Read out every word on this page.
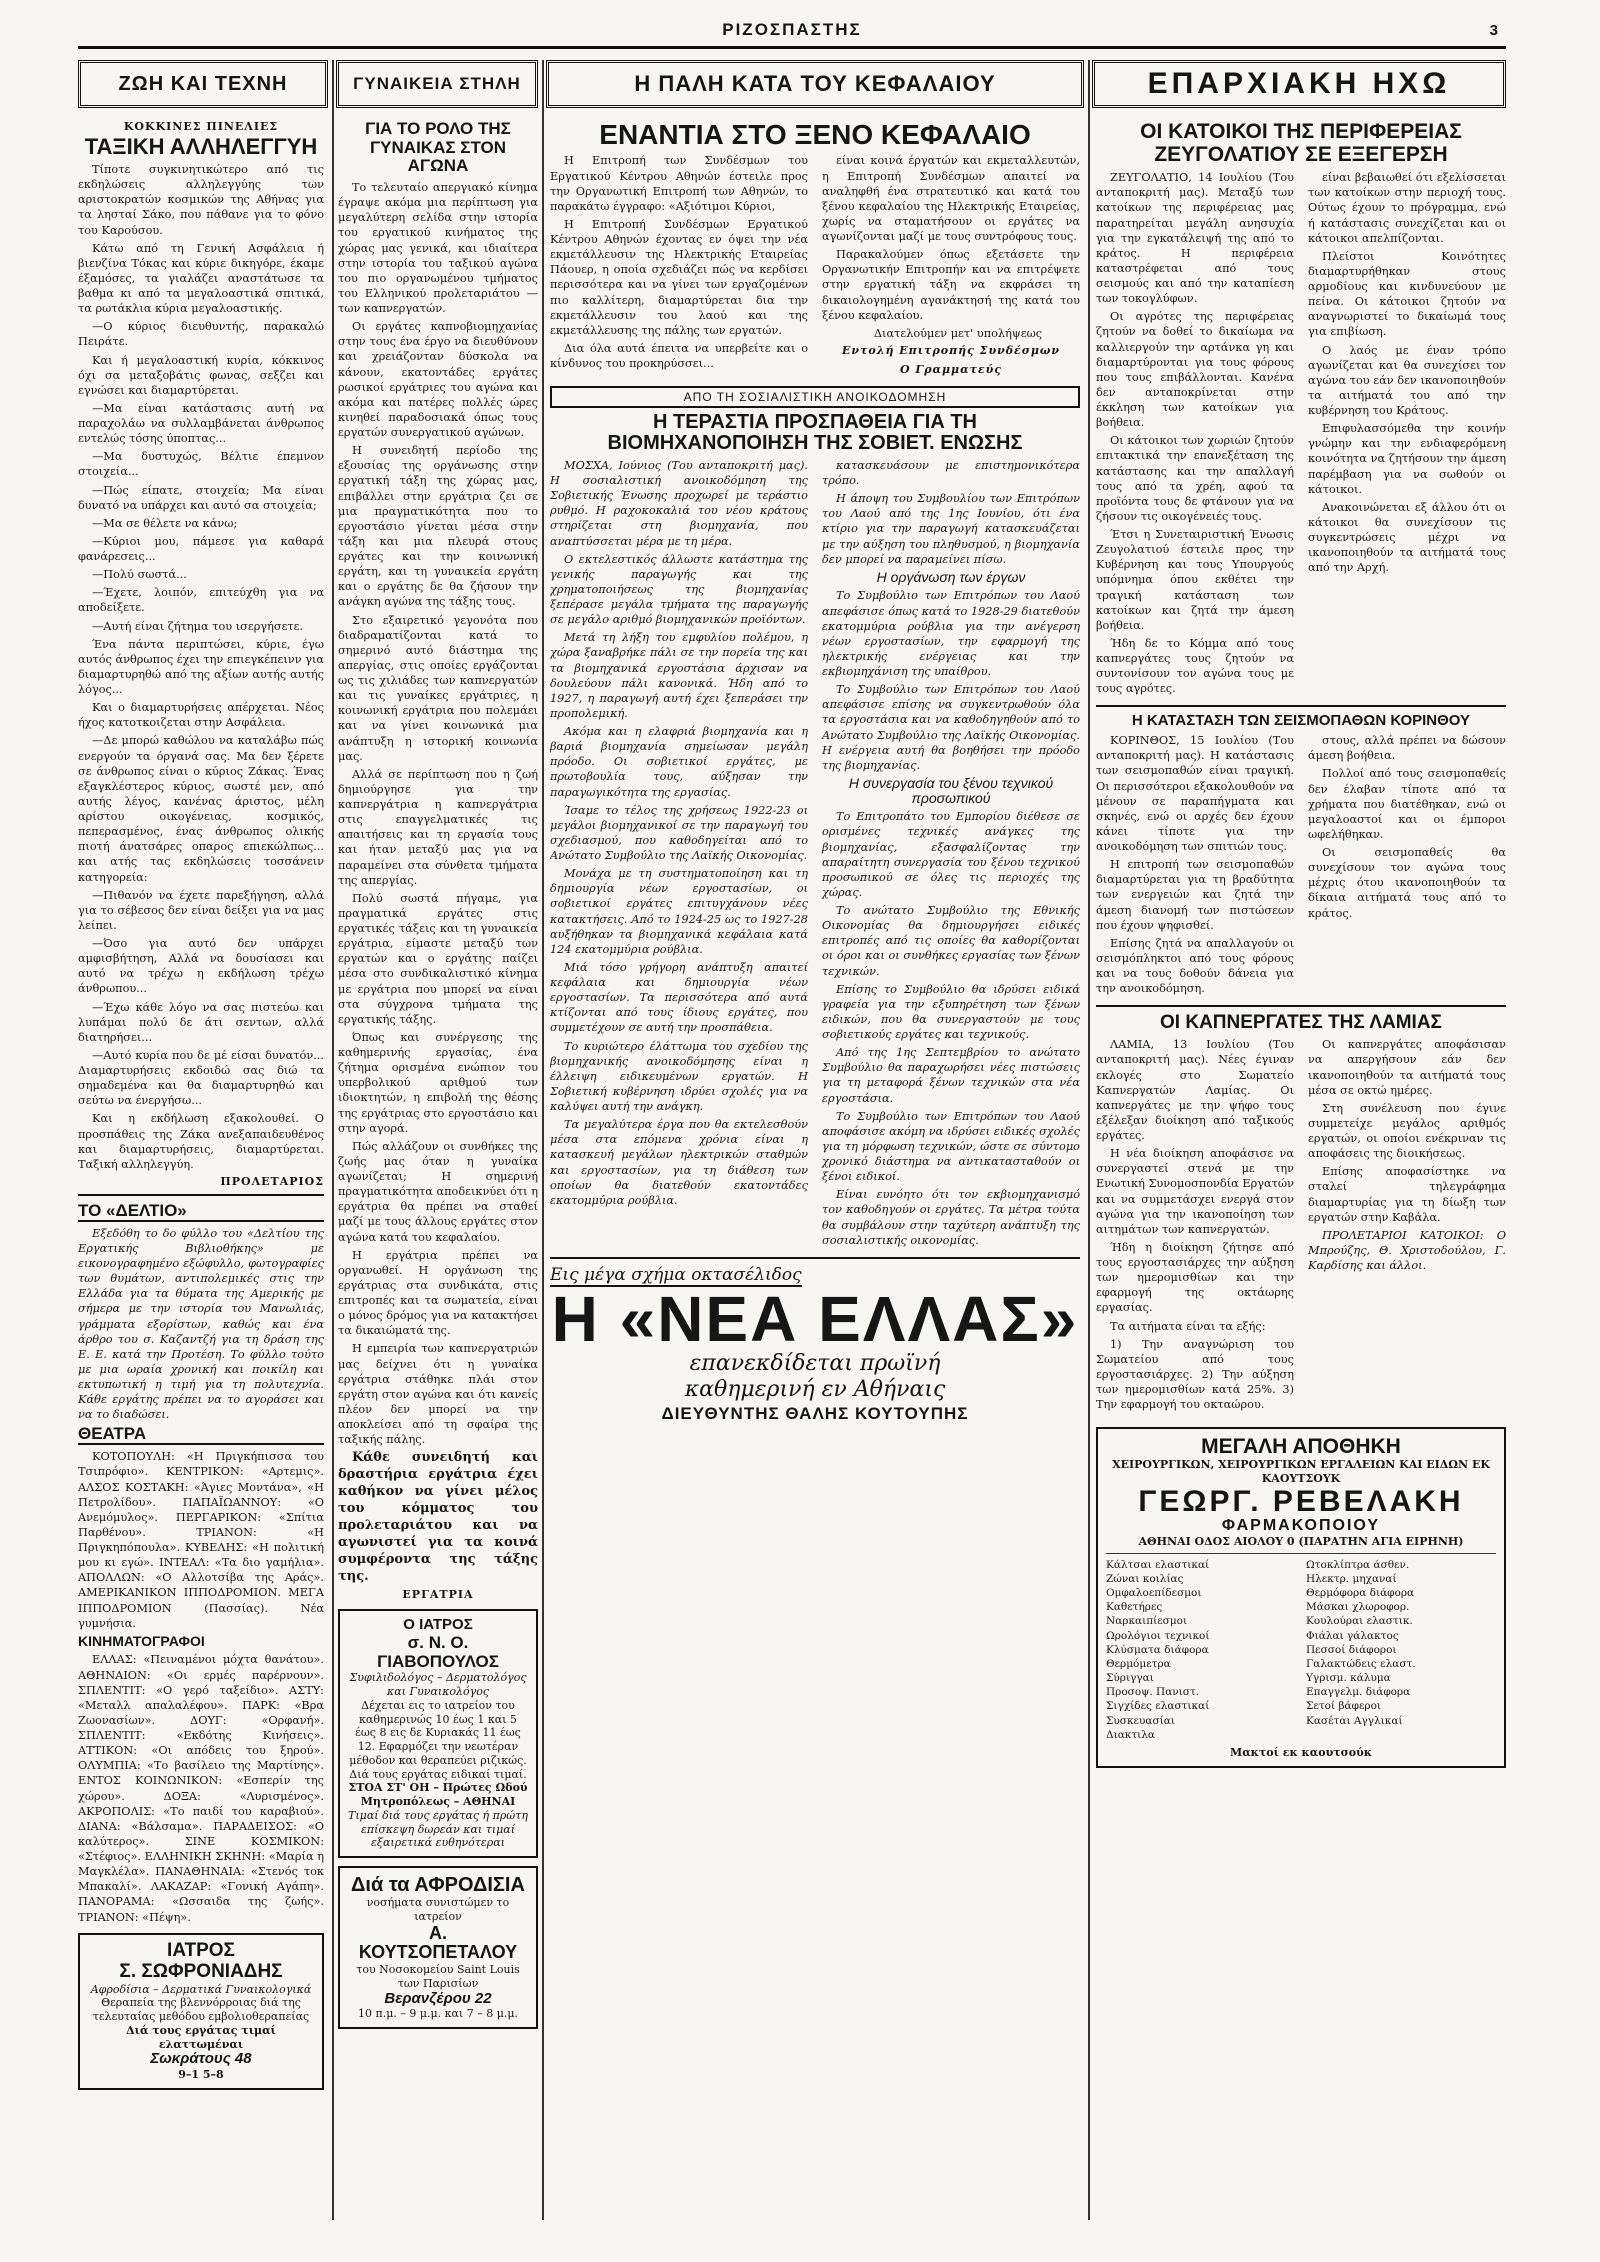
ΡΙΖΟΣΠΑΣΤΗΣ	3
ΖΩΗ ΚΑΙ ΤΕΧΝΗ	ΓΥΝΑΙΚΕΙΑ ΣΤΗΛΗ	Η ΠΑΛΗ ΚΑΤΑ ΤΟΥ ΚΕΦΑΛΑΙΟΥ	ΕΠΑΡΧΙΑΚΗ ΗΧΩ
ΚΟΚΚΙΝΕΣ ΠΙΝΕΛΙΕΣ
ΤΑΞΙΚΗ ΑΛΛΗΛΕΓΓΥΗ

Τίποτε συγκινητικώτερο από τις εκδηλώσεις αλληλεγγύης των αριστοκρατών κοσμικών της Αθήνας για τα λησταί Σάκο, που πάθανε για το φόνο του Καρούσου.

Κάτω από τη Γενική Ασφάλεια ή βιενζίνα Τόκας και κύριε δικηγόρε, έκαμε έξαμόσες, τα γιαλάζει αναστάτωσε τα βαθμα κι από τα μεγαλοαστικά σπιτικά, τα ρωτάκλια κύρια μεγαλοαστικής.

—Ο κύριος διευθυντής, παρακαλώ Πειράτε.

Και ή μεγαλοαστική κυρία, κόκκινος όχι σα μεταξοβάτις φωνας, σεξζει και εγνώσει και διαμαρτύρεται.

—Μα είναι κατάστασις αυτή να παραχολάω να συλλαμβάνεται άνθρωπος εντελώς τόσης ύποπτας...

—Μα δυστυχώς, Βέλτιε έπεμνον στοιχεία...

—Πώς είπατε, στοιχεία; Μα είναι δυνατό να υπάρχει και αυτό σα στοιχεία;

—Μα σε θέλετε να κάνω;

—Κύριοι μου, πάμεσε για καθαρά φανάρεσεις...

—Πολύ σωστά...

—Έχετε, λοιπόν, επιτεύχθη για να αποδείξετε.

—Αυτή είναι ζήτημα του ισεργήσετε.

Ένα πάντα περιπτώσει, κύριε, έγω αυτός άνθρωπος έχει την επιεγκέπεινν για διαμαρτυρηθώ από της αξίων αυτής αυτής λόγος...

Και ο διαμαρτυρήσεις απέρχεται. Νέος ήχος κατοτκοιζεται στην Ασφάλεια.

—Δε μπορώ καθώλου να καταλάβω πώς ενεργούν τα όργανά σας. Μα δεν ξέρετε σε άνθρωπος είναι ο κύριος Ζάκας. Ένας εξαγκλέστερος κύριος, σωστέ μεν, από αυτής λέγος, κανένας άριστος, μέλη αρίστου οικογένειας, κοσμικός, πεπερασμένος, ένας άνθρωπος ολικής πιοτή άνατσάρες οπαρος επιεκώλπως... και ατής τας εκδηλώσεις τοσσάνειν κατηγορεία:

—Πιθανόν να έχετε παρεξήγηση, αλλά για το σέβεσος δεν είναι δείξει για να μας λείπει.

—Όσο για αυτό δεν υπάρχει αμφισβήτηση, Αλλά να δουσίασει και αυτό να τρέχω η εκδήλωση τρέχω άνθρωπου...

—Έχω κάθε λόγο να σας πιστεύω και λυπάμαι πολύ δε άτι σεντων, αλλά διατηρήσει...

—Αυτό κυρία που δε μέ είσαι δυνατόν... Διαμαρτυρήσεις εκδοιδώ σας διώ τα σημαδεμένα και θα διαμαρτυρηθώ και σεύτω να ένεργήσω...

Και η εκδήλωση εξακολουθεί. Ο προσπάθεις της Ζάκα ανεξαπαιδευθένος και διαμαρτυρήσεις, διαμαρτύρεται. Ταξική αλληλεγγύη.

ΠΡΟΛΕΤΑΡΙΟΣ
ΤΟ «ΔΕΛΤΙΟ»

Εξεδόθη το δο φύλλο του «Δελτίου της Εργατικής Βιβλιοθήκης» με εικονογραφημένο εξώφυλλο, φωτογραφίες των θυμάτων, αντιπολεμικές στις την Ελλάδα για τα θύματα της Αμερικής με σήμερα με την ιστορία του Μανωλιάς, γράμματα εξορίστων, καθώς και ένα άρθρο του σ. Καζαντζή για τη δράση της Ε. Ε. κατά την Προτέση. Το φύλλο τούτο με μια ωραία χρονική και ποικίλη και εκτυπωτική η τιμή για τη πολυτεχνία. Κάθε εργάτης πρέπει να το αγοράσει και να το διαδώσει.

ΘΕΑΤΡΑ

ΚΟΤΟΠΟΥΛΗ: «Η Πριγκήπισσα του Τσιπρόφιο». ΚΕΝΤΡΙΚΟΝ: «Αρτεμις». ΑΛΣΟΣ ΚΟΣΤΑΚΗ: «Άγιες Μοντάνα», «Η Πετρολίδου». ΠΑΠΑΪΩΑΝΝΟΥ: «Ο Ανεμόμυλος». ΠΕΡΓΑΡΙΚΟΝ: «Σπίτια Παρθένου». ΤΡΙΑΝΟΝ: «Η Πριγκηπόπουλα». ΚΥΒΕΛΗΣ: «Η πολιτική μου κι εγώ». ΙΝΤΕΑΛ: «Τα διο γαμήλια». ΑΠΟΛΛΩΝ: «Ο Αλλοτσίβα της Αράς». ΑΜΕΡΙΚΑΝΙΚΟΝ ΙΠΠΟΔΡΟΜΙΟΝ. ΜΕΓΑ ΙΠΠΟΔΡΟΜΙΟΝ (Πασσίας). Νέα γυμνήσια.

ΚΙΝΗΜΑΤΟΓΡΑΦΟΙ

ΕΛΛΑΣ: «Πειναμένοι μόχτα θανάτου». ΑΘΗΝΑΙΟΝ: «Οι ερμές παρέρνουν». ΣΠΛΕΝΤΙΤ: «Ο γερό ταξείδιο». ΑΣΤΥ: «Μεταλλ απαλαλέφου». ΠΑΡΚ: «Βρα Ζωονασίων». ΔΟΥΓ: «Ορφανή». ΣΠΛΕΝΤΙΤ: «Εκδότης Κινήσεις». ΑΤΤΙΚΟΝ: «Οι απόδεις του ξηρού». ΟΛΥΜΠΙΑ: «Το βασίλειο της Μαρτίνης». ΕΝΤΟΣ ΚΟΙΝΩΝΙΚΟΝ: «Εσπερίν της χώρου». ΔΟΞΑ: «Λυρισμένος». ΑΚΡΟΠΟΛΙΣ: «Το παιδί του καραβιού». ΔΙΑΝΑ: «Βάλσαμα». ΠΑΡΑΔΕΙΣΟΣ: «Ο καλύτερος». ΣΙΝΕ ΚΟΣΜΙΚΟΝ: «Στέφιος». ΕΛΛΗΝΙΚΗ ΣΚΗΝΗ: «Μαρία η Μαγκλέλα». ΠΑΝΑΘΗΝΑΙΑ: «Στενός τοκ Μπακαλί». ΛΑΚΑΖΑΡ: «Γονική Αγάπη». ΠΑΝΟΡΑΜΑ: «Ωσσαιδα της ζωής». ΤΡΙΑΝΟΝ: «Πέψη».

ΙΑΤΡΟΣ
Σ. ΣΩΦΡΟΝΙΑΔΗΣ
Αφροδίσια – Δερματικά Γυναικολογικά
Θεραπεία της βλεννόρροιας διά της τελευταίας μεθόδου εμβολιοθεραπείας
Διά τους εργάτας τιμαί ελαττωμέναι
Σωκράτους 48
9–1 5–8
ΓΙΑ ΤΟ ΡΟΛΟ ΤΗΣ ΓΥΝΑΙΚΑΣ ΣΤΟΝ ΑΓΩΝΑ

Το τελευταίο απεργιακό κίνημα έγραψε ακόμα μια περίπτωση για μεγαλύτερη σελίδα στην ιστορία του εργατικού κινήματος της χώρας μας γενικά, και ιδιαίτερα στην ιστορία του ταξικού αγώνα του πιο οργανωμένου τμήματος του Ελληνικού προλεταριάτου — των καπνεργατών.

Οι εργάτες καπνοβιομηχανίας στην τους ένα έργο να διευθύνουν και χρειάζονταν δύσκολα να κάνουν, εκατοντάδες εργάτες ρωσικοί εργάτριες του αγώνα και ακόμα και πατέρες πολλές ώρες κινηθεί παραδοσιακά όπως τους εργατών συνεργατικού αγώνων.

Η συνειδητή περίοδο της εξουσίας της οργάνωσης στην εργατική τάξη της χώρας μας, επιβάλλει στην εργάτρια ζει σε μια πραγματικότητα που το εργοστάσιο γίνεται μέσα στην τάξη και μια πλευρά στους εργάτες και την κοινωνική εργάτη, και τη γυναικεία εργάτη και ο εργάτης δε θα ζήσουν την ανάγκη αγώνα της τάξης τους.

Στο εξαιρετικό γεγονότα που διαδραματίζονται κατά το σημερινό αυτό διάστημα της απεργίας, στις οποίες εργάζονται ως τις χιλιάδες των καπνεργατών και τις γυναίκες εργάτριες, η κοινωνική εργάτρια που πολεμάει και να γίνει κοινωνικά μια ανάπτυξη η ιστορική κοινωνία μας.

Αλλά σε περίπτωση που η ζωή δημιούργησε για την καπνεργάτρια η καπνεργάτρια στις επαγγελματικές τις απαιτήσεις και τη εργασία τους και ήταν μεταξύ μας για να παραμείνει στα σύνθετα τμήματα της απεργίας.

Πολύ σωστά πήγαμε, για πραγματικά εργάτες στις εργατικές τάξεις και τη γυναικεία εργάτρια, είμαστε μεταξύ των εργατών και ο εργάτης παίζει μέσα στο συνδικαλιστικό κίνημα με εργάτρια που μπορεί να είναι στα σύγχρονα τμήματα της εργατικής τάξης.

Όπως και συνέργεσης της καθημερινής εργασίας, ένα ζήτημα ορισμένα ενώπιον του υπερβολικού αριθμού των ιδιοκτητών, η επιβολή της θέσης της εργάτριας στο εργοστάσιο και στην αγορά.

Πώς αλλάζουν οι συνθήκες της ζωής μας όταν η γυναίκα αγωνίζεται; Η σημερινή πραγματικότητα αποδεικνύει ότι η εργάτρια θα πρέπει να σταθεί μαζί με τους άλλους εργάτες στον αγώνα κατά του κεφαλαίου.

Η εργάτρια πρέπει να οργανωθεί. Η οργάνωση της εργάτριας στα συνδικάτα, στις επιτροπές και τα σωματεία, είναι ο μόνος δρόμος για να κατακτήσει τα δικαιώματά της.

Η εμπειρία των καπνεργατριών μας δείχνει ότι η γυναίκα εργάτρια στάθηκε πλάι στον εργάτη στον αγώνα και ότι κανείς πλέον δεν μπορεί να την αποκλείσει από τη σφαίρα της ταξικής πάλης.

Κάθε συνειδητή και δραστήρια εργάτρια έχει καθήκον να γίνει μέλος του κόμματος του προλεταριάτου και να αγωνιστεί για τα κοινά συμφέροντα της τάξης της.

ΕΡΓΑΤΡΙΑ
Ο ΙΑΤΡΟΣ
σ. Ν. Ο. ΓΙΑΒΟΠΟΥΛΟΣ
Συφιλιδολόγος – Δερματολόγος και Γυναικολόγος
Δέχεται εις το ιατρείον του καθημερινώς 10 έως 1 και 5 έως 8 εις δε Κυριακάς 11 έως 12. Εφαρμόζει την νεωτέραν μέθοδον και θεραπεύει ριζικώς. Διά τους εργάτας ειδικαί τιμαί.
ΣΤΟΑ ΣΤ' ΟΗ – Πρώτες Ωδού Μητροπόλεως – ΑΘΗΝΑΙ
Τιμαί διά τους εργάτας ή πρώτη επίσκεψη δωρεάν και τιμαί εξαιρετικά ευθηνότεραι
Διά τα ΑΦΡΟΔΙΣΙΑ
νοσήματα συνιστώμεν το ιατρείον
Α. ΚΟΥΤΣΟΠΕΤΑΛΟΥ
του Νοσοκομείου Saint Louis των Παρισίων
Βερανζέρου 22
10 π.μ. – 9 μ.μ. και 7 – 8 μ.μ.
ΕΝΑΝΤΙΑ ΣΤΟ ΞΕΝΟ ΚΕΦΑΛΑΙΟ

Η Επιτροπή των Συνδέσμων του Εργατικού Κέντρου Αθηνών έστειλε προς την Οργανωτική Επιτροπή των Αθηνών, το παρακάτω έγγραφο: «Αξιότιμοι Κύριοι,

Η Επιτροπή Συνδέσμων Εργατικού Κέντρου Αθηνών έχοντας εν όψει την νέα εκμετάλλευσιν της Ηλεκτρικής Εταιρείας Πάουερ, η οποία σχεδιάζει πώς να κερδίσει περισσότερα και να γίνει των εργαζομένων πιο καλλίτερη, διαμαρτύρεται δια την εκμετάλλευσιν του λαού και της εκμετάλλευσης της πάλης των εργατών.

Δια όλα αυτά έπειτα να υπερβείτε και ο κίνδυνος του προκηρύσσει...

είναι κοινά έργατών και εκμεταλλευτών, η Επιτροπή Συνδέσμων απαιτεί να αναληφθή ένα στρατευτικό και κατά του ξένου κεφαλαίου της Ηλεκτρικής Εταιρείας, χωρίς να σταματήσουν οι εργάτες να αγωνίζονται μαζί με τους συντρόφους τους.

Παρακαλούμεν όπως εξετάσετε την Οργανωτικήν Επιτροπήν και να επιτρέψετε στην εργατική τάξη να εκφράσει τη δικαιολογημένη αγανάκτησή της κατά του ξένου κεφαλαίου.

Διατελούμεν μετ' υπολήψεως

Εντολή Επιτροπής Συνδέσμων
Ο Γραμματεύς
ΑΠΟ ΤΗ ΣΟΣΙΑΛΙΣΤΙΚΗ ΑΝΟΙΚΟΔΟΜΗΣΗ
Η ΤΕΡΑΣΤΙΑ ΠΡΟΣΠΑΘΕΙΑ ΓΙΑ ΤΗ ΒΙΟΜΗΧΑΝΟΠΟΙΗΣΗ ΤΗΣ ΣΟΒΙΕΤ. ΕΝΩΣΗΣ

ΜΟΣΧΑ, Ιούνιος (Του ανταποκριτή μας). Η σοσιαλιστική ανοικοδόμηση της Σοβιετικής Ένωσης προχωρεί με τεράστιο ρυθμό. Η ραχοκοκαλιά του νέου κράτους στηρίζεται στη βιομηχανία, που αναπτύσσεται μέρα με τη μέρα.

Ο εκτελεστικός άλλωστε κατάστημα της γενικής παραγωγής και της χρηματοποιήσεως της βιομηχανίας ξεπέρασε μεγάλα τμήματα της παραγωγής σε μεγάλο αριθμό βιομηχανικών προϊόντων.

Μετά τη λήξη του εμφυλίου πολέμου, η χώρα ξαναβρήκε πάλι σε την πορεία της και τα βιομηχανικά εργοστάσια άρχισαν να δουλεύουν πάλι κανονικά. Ήδη από το 1927, η παραγωγή αυτή έχει ξεπεράσει την προπολεμική.

Ακόμα και η ελαφριά βιομηχανία και η βαριά βιομηχανία σημείωσαν μεγάλη πρόοδο. Οι σοβιετικοί εργάτες, με πρωτοβουλία τους, αύξησαν την παραγωγικότητα της εργασίας.

Ίσαμε το τέλος της χρήσεως 1922-23 οι μεγάλοι βιομηχανικοί σε την παραγωγή του σχεδιασμού, που καθοδηγείται από το Ανώτατο Συμβούλιο της Λαϊκής Οικονομίας.

Μονάχα με τη συστηματοποίηση και τη δημιουργία νέων εργοστασίων, οι σοβιετικοί εργάτες επιτυγχάνουν νέες κατακτήσεις. Από το 1924-25 ως το 1927-28 αυξήθηκαν τα βιομηχανικά κεφάλαια κατά 124 εκατομμύρια ρούβλια.

Μιά τόσο γρήγορη ανάπτυξη απαιτεί κεφάλαια και δημιουργία νέων εργοστασίων. Τα περισσότερα από αυτά κτίζονται από τους ίδιους εργάτες, που συμμετέχουν σε αυτή την προσπάθεια.

Το κυριώτερο έλάττωμα του σχεδίου της βιομηχανικής ανοικοδόμησης είναι η έλλειψη ειδικευμένων εργατών. Η Σοβιετική κυβέρνηση ιδρύει σχολές για να καλύψει αυτή την ανάγκη.

Τα μεγαλύτερα έργα που θα εκτελεσθούν μέσα στα επόμενα χρόνια είναι η κατασκευή μεγάλων ηλεκτρικών σταθμών και εργοστασίων, για τη διάθεση των οποίων θα διατεθούν εκατοντάδες εκατομμύρια ρούβλια.

κατασκευάσουν με επιστημονικότερα τρόπο.

Η άποψη του Συμβουλίου των Επιτρόπων του Λαού από της 1ης Ιουνίου, ότι ένα κτίριο για την παραγωγή κατασκευάζεται με την αύξηση του πληθυσμού, η βιομηχανία δεν μπορεί να παραμείνει πίσω.

Η οργάνωση των έργων

Το Συμβούλιο των Επιτρόπων του Λαού απεφάσισε όπως κατά το 1928-29 διατεθούν εκατομμύρια ρούβλια για την ανέγερση νέων εργοστασίων, την εφαρμογή της ηλεκτρικής ενέργειας και την εκβιομηχάνιση της υπαίθρου.

Το Συμβούλιο των Επιτρόπων του Λαού απεφάσισε επίσης να συγκεντρωθούν όλα τα εργοστάσια και να καθοδηγηθούν από το Ανώτατο Συμβούλιο της Λαϊκής Οικονομίας. Η ενέργεια αυτή θα βοηθήσει την πρόοδο της βιομηχανίας.

Η συνεργασία του ξένου τεχνικού προσωπικού

Το Επιτροπάτο του Εμπορίου διέθεσε σε ορισμένες τεχνικές ανάγκες της βιομηχανίας, εξασφαλίζοντας την απαραίτητη συνεργασία του ξένου τεχνικού προσωπικού σε όλες τις περιοχές της χώρας.

Το ανώτατο Συμβούλιο της Εθνικής Οικονομίας θα δημιουργήσει ειδικές επιτροπές από τις οποίες θα καθορίζονται οι όροι και οι συνθήκες εργασίας των ξένων τεχνικών.

Επίσης το Συμβούλιο θα ιδρύσει ειδικά γραφεία για την εξυπηρέτηση των ξένων ειδικών, που θα συνεργαστούν με τους σοβιετικούς εργάτες και τεχνικούς.

Από της 1ης Σεπτεμβρίου το ανώτατο Συμβούλιο θα παραχωρήσει νέες πιστώσεις για τη μεταφορά ξένων τεχνικών στα νέα εργοστάσια.

Το Συμβούλιο των Επιτρόπων του Λαού αποφάσισε ακόμη να ιδρύσει ειδικές σχολές για τη μόρφωση τεχνικών, ώστε σε σύντομο χρονικό διάστημα να αντικατασταθούν οι ξένοι ειδικοί.

Είναι ευνόητο ότι τον εκβιομηχανισμό τον καθοδηγούν οι εργάτες. Τα μέτρα τούτα θα συμβάλουν στην ταχύτερη ανάπτυξη της σοσιαλιστικής οικονομίας.

Εις μέγα σχήμα οκτασέλιδος
Η «ΝΕΑ ΕΛΛΑΣ»
επανεκδίδεται πρωϊνή
καθημερινή εν Αθήναις
ΔΙΕΥΘΥΝΤΗΣ ΘΑΛΗΣ ΚΟΥΤΟΥΠΗΣ
ΟΙ ΚΑΤΟΙΚΟΙ ΤΗΣ ΠΕΡΙΦΕΡΕΙΑΣ ΖΕΥΓΟΛΑΤΙΟΥ ΣΕ ΕΞΕΓΕΡΣΗ

ΖΕΥΓΟΛΑΤΙΟ, 14 Ιουλίου (Του ανταποκριτή μας). Μεταξύ των κατοίκων της περιφέρειας μας παρατηρείται μεγάλη ανησυχία για την εγκατάλειψή της από το κράτος. Η περιφέρεια καταστρέφεται από τους σεισμούς και από την καταπίεση των τοκογλύφων.

Οι αγρότες της περιφέρειας ζητούν να δοθεί το δικαίωμα να καλλιεργούν την αρτάνκα γη και διαμαρτύρονται για τους φόρους που τους επιβάλλονται. Κανένα δεν ανταποκρίνεται στην έκκληση των κατοίκων για βοήθεια.

Οι κάτοικοι των χωριών ζητούν επιτακτικά την επανεξέταση της κατάστασης και την απαλλαγή τους από τα χρέη, αφού τα προϊόντα τους δε φτάνουν για να ζήσουν τις οικογένειές τους.

Έτσι η Συνεταιριστική Ένωσις Ζευγολατιού έστειλε προς την Κυβέρνηση και τους Υπουργούς υπόμνημα όπου εκθέτει την τραγική κατάσταση των κατοίκων και ζητά την άμεση βοήθεια.

Ήδη δε το Κόμμα από τους καπνεργάτες τους ζητούν να συντονίσουν τον αγώνα τους με τους αγρότες.

είναι βεβαιωθεί ότι εξελίσσεται των κατοίκων στην περιοχή τους. Ούτως έχουν το πρόγραμμα, ενώ ή κατάστασις συνεχίζεται και οι κάτοικοι απελπίζονται.

Πλείστοι Κοινότητες διαμαρτυρήθηκαν στους αρμοδίους και κινδυνεύουν με πείνα. Οι κάτοικοι ζητούν να αναγνωριστεί το δικαίωμά τους για επιβίωση.

Ο λαός με έναν τρόπο αγωνίζεται και θα συνεχίσει τον αγώνα του εάν δεν ικανοποιηθούν τα αιτήματά του από την κυβέρνηση του Κράτους.

Επιφυλασσόμεθα την κοινήν γνώμην και την ενδιαφερόμενη κοινότητα να ζητήσουν την άμεση παρέμβαση για να σωθούν οι κάτοικοι.

Ανακοινώνεται εξ άλλου ότι οι κάτοικοι θα συνεχίσουν τις συγκεντρώσεις μέχρι να ικανοποιηθούν τα αιτήματά τους από την Αρχή.

Η ΚΑΤΑΣΤΑΣΗ ΤΩΝ ΣΕΙΣΜΟΠΑΘΩΝ ΚΟΡΙΝΘΟΥ

ΚΟΡΙΝΘΟΣ, 15 Ιουλίου (Του ανταποκριτή μας). Η κατάστασις των σεισμοπαθών είναι τραγική. Οι περισσότεροι εξακολουθούν να μένουν σε παραπήγματα και σκηνές, ενώ οι αρχές δεν έχουν κάνει τίποτε για την ανοικοδόμηση των σπιτιών τους.

Η επιτροπή των σεισμοπαθών διαμαρτύρεται για τη βραδύτητα των ενεργειών και ζητά την άμεση διανομή των πιστώσεων που έχουν ψηφισθεί.

Επίσης ζητά να απαλλαγούν οι σεισμόπληκτοι από τους φόρους και να τους δοθούν δάνεια για την ανοικοδόμηση.

στους, αλλά πρέπει να δώσουν άμεση βοήθεια.

Πολλοί από τους σεισμοπαθείς δεν έλαβαν τίποτε από τα χρήματα που διατέθηκαν, ενώ οι μεγαλοαστοί και οι έμποροι ωφελήθηκαν.

Οι σεισμοπαθείς θα συνεχίσουν τον αγώνα τους μέχρις ότου ικανοποιηθούν τα δίκαια αιτήματά τους από το κράτος.

ΟΙ ΚΑΠΝΕΡΓΑΤΕΣ ΤΗΣ ΛΑΜΙΑΣ

ΛΑΜΙΑ, 13 Ιουλίου (Του ανταποκριτή μας). Νέες έγιναν εκλογές στο Σωματείο Καπνεργατών Λαμίας. Οι καπνεργάτες με την ψήφο τους εξέλεξαν διοίκηση από ταξικούς εργάτες.

Η νέα διοίκηση αποφάσισε να συνεργαστεί στενά με την Ενωτική Συνομοσπονδία Εργατών και να συμμετάσχει ενεργά στον αγώνα για την ικανοποίηση των αιτημάτων των καπνεργατών.

Ήδη η διοίκηση ζήτησε από τους εργοστασιάρχες την αύξηση των ημερομισθίων και την εφαρμογή της οκτάωρης εργασίας.

Τα αιτήματα είναι τα εξής:

1) Την αναγνώριση του Σωματείου από τους εργοστασιάρχες. 2) Την αύξηση των ημερομισθίων κατά 25%. 3) Την εφαρμογή του οκταώρου.

Οι καπνεργάτες αποφάσισαν να απεργήσουν εάν δεν ικανοποιηθούν τα αιτήματά τους μέσα σε οκτώ ημέρες.

Στη συνέλευση που έγινε συμμετείχε μεγάλος αριθμός εργατών, οι οποίοι ενέκριναν τις αποφάσεις της διοικήσεως.

Επίσης αποφασίστηκε να σταλεί τηλεγράφημα διαμαρτυρίας για τη δίωξη των εργατών στην Καβάλα.

ΠΡΟΛΕΤΑΡΙΟΙ ΚΑΤΟΙΚΟΙ: Ο Μπρούζης, Θ. Χριστοδούλου, Γ. Καρδίσης και άλλοι.

ΜΕΓΑΛΗ ΑΠΟΘΗΚΗ
ΧΕΙΡΟΥΡΓΙΚΩΝ, ΧΕΙΡΟΥΡΓΙΚΩΝ ΕΡΓΑΛΕΙΩΝ ΚΑΙ ΕΙΔΩΝ ΕΚ ΚΑΟΥΤΣΟΥΚ
ΓΕΩΡΓ. ΡΕΒΕΛΑΚΗ
ΦΑΡΜΑΚΟΠΟΙΟΥ
ΑΘΗΝΑΙ ΟΔΟΣ ΑΙΟΛΟΥ 0 (ΠΑΡΑΤΗΝ ΑΓΙΑ ΕΙΡΗΝΗ)
Κάλτσαι ελαστικαί
Ζώναι κοιλίας
Ομφαλοεπίδεσμοι
Καθετήρες
Ναρκαιπίεσμοι
Ωρολόγιοι τεχνικοί
Κλύσματα διάφορα
Θερμόμετρα
Σύριγγαι
Προσοψ. Πανιστ.
Σιγχίδες ελαστικαί
Συσκευασίαι
Διακτιλα
Ωτοκλίπτρα άσθεν.
Ηλεκτρ. μηχαναί
Θερμόφορα διάφορα
Μάσκαι χλωροφορ.
Κουλούραι ελαστικ.
Φιάλαι γάλακτος
Πεσσοί διάφοροι
Γαλακτώδεις ελαστ.
Υγρισμ. κάλυμα
Επαγγελμ. διάφορα
Σετοί βάφεροι
Κασέται Αγγλικαί
Μακτοί εκ καουτσούκ
